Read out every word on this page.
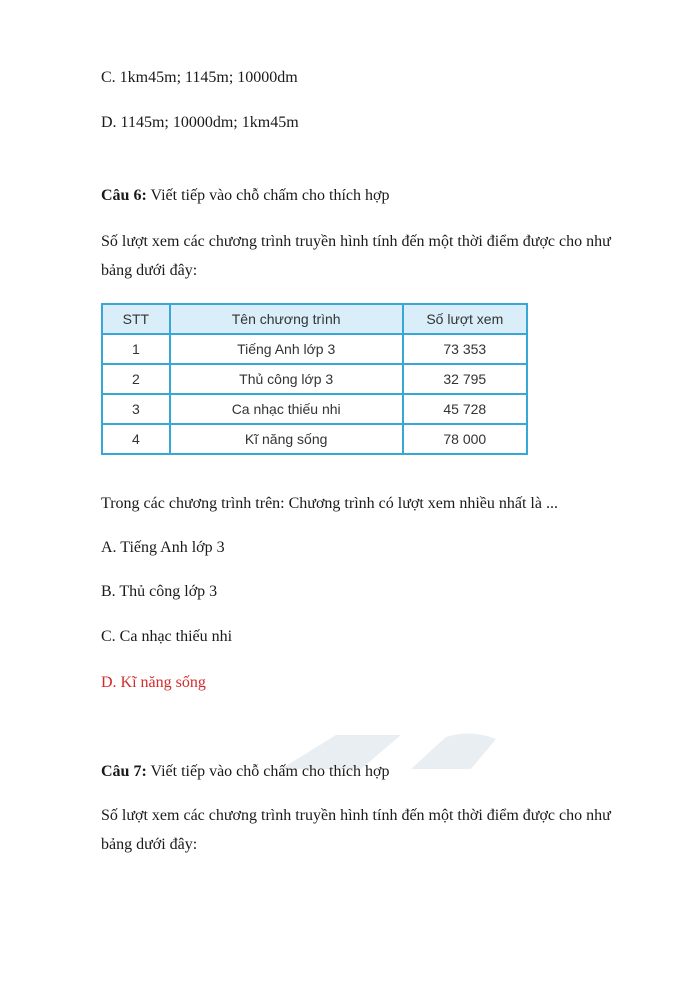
C. 1km45m; 1145m; 10000dm
D. 1145m; 10000dm; 1km45m
Câu 6: Viết tiếp vào chỗ chấm cho thích hợp
Số lượt xem các chương trình truyền hình tính đến một thời điểm được cho như
bảng dưới đây:
STT	Tên chương trình	Số lượt xem
1	Tiếng Anh lớp 3	73 353
2	Thủ công lớp 3	32 795
3	Ca nhạc thiếu nhi	45 728
4	Kĩ năng sống	78 000
Trong các chương trình trên: Chương trình có lượt xem nhiều nhất là ...
A. Tiếng Anh lớp 3
B. Thủ công lớp 3
C. Ca nhạc thiếu nhi
D. Kĩ năng sống
Câu 7: Viết tiếp vào chỗ chấm cho thích hợp
Số lượt xem các chương trình truyền hình tính đến một thời điểm được cho như
bảng dưới đây:
